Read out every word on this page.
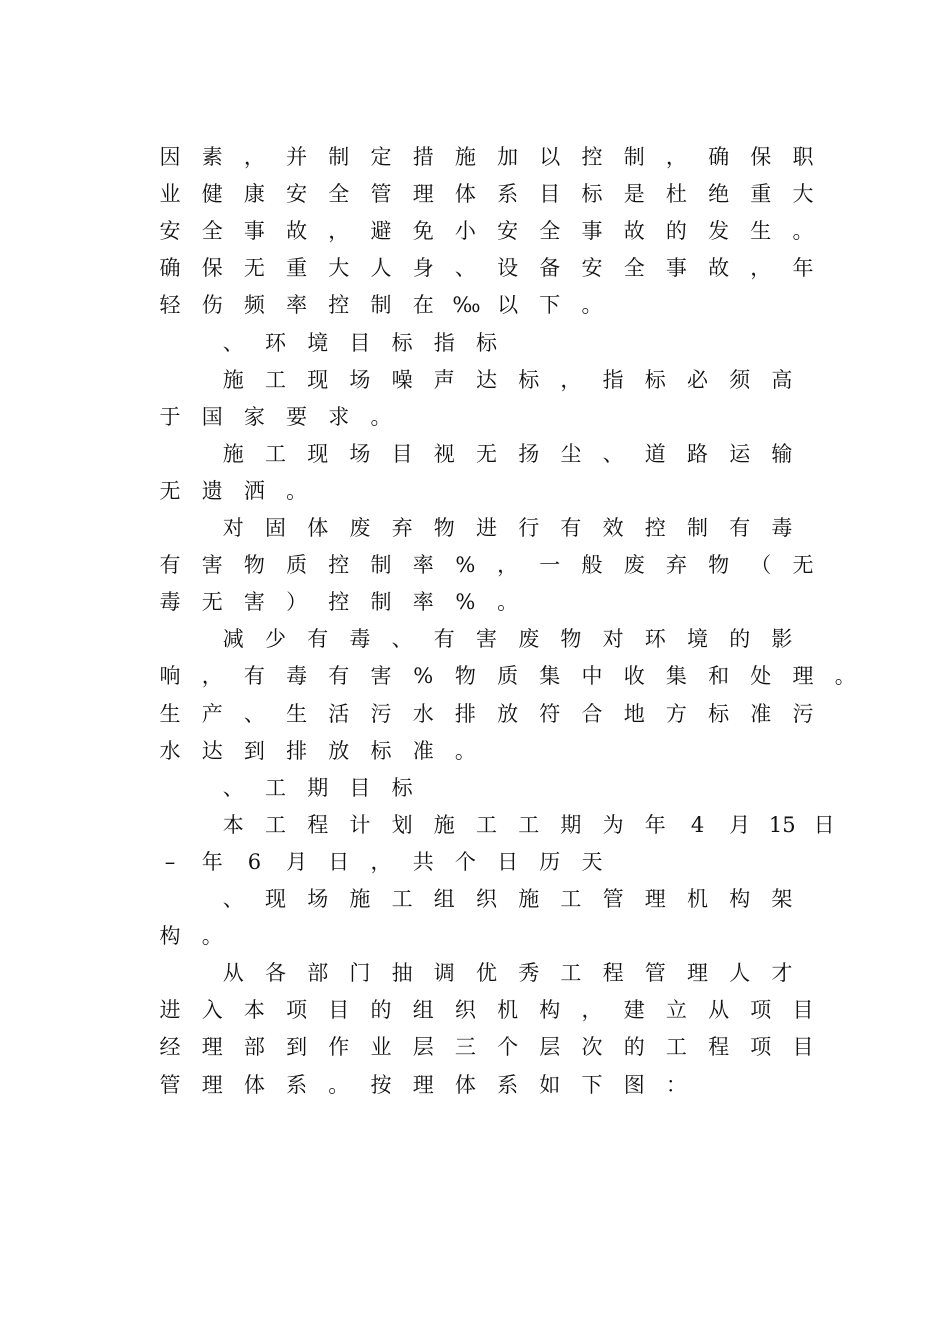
因 素 ， 并 制 定 措 施 加 以 控 制 ， 确 保 职
业 健 康 安 全 管 理 体 系 目 标 是 杜 绝 重 大
安 全 事 故 ， 避 免 小 安 全 事 故 的 发 生 。
确 保 无 重 大 人 身 、 设 备 安 全 事 故 ， 年
轻 伤 频 率 控 制 在 ‰ 以 下 。
、 环 境 目 标 指 标
施 工 现 场 噪 声 达 标 ， 指 标 必 须 高
于 国 家 要 求 。
施 工 现 场 目 视 无 扬 尘 、 道 路 运 输
无 遗 洒 。
对 固 体 废 弃 物 进 行 有 效 控 制 有 毒
有 害 物 质 控 制 率 % ， 一 般 废 弃 物 （ 无
毒 无 害 ） 控 制 率 % 。
减 少 有 毒 、 有 害 废 物 对 环 境 的 影
响 ， 有 毒 有 害 % 物 质 集 中 收 集 和 处 理 。
生 产 、 生 活 污 水 排 放 符 合 地 方 标 准 污
水 达 到 排 放 标 准 。
、 工 期 目 标
本 工 程 计 划 施 工 工 期 为 年	4	月 15 日
–	年	6	月 日 ， 共 个 日 历 天
、 现 场 施 工 组 织 施 工 管 理 机 构 架
构 。
从 各 部 门 抽 调 优 秀 工 程 管 理 人 才
进 入 本 项 目 的 组 织 机 构 ， 建 立 从 项 目
经 理 部 到 作 业 层 三 个 层 次 的 工 程 项 目
管 理 体 系 。 按 理 体 系 如 下 图 ：
